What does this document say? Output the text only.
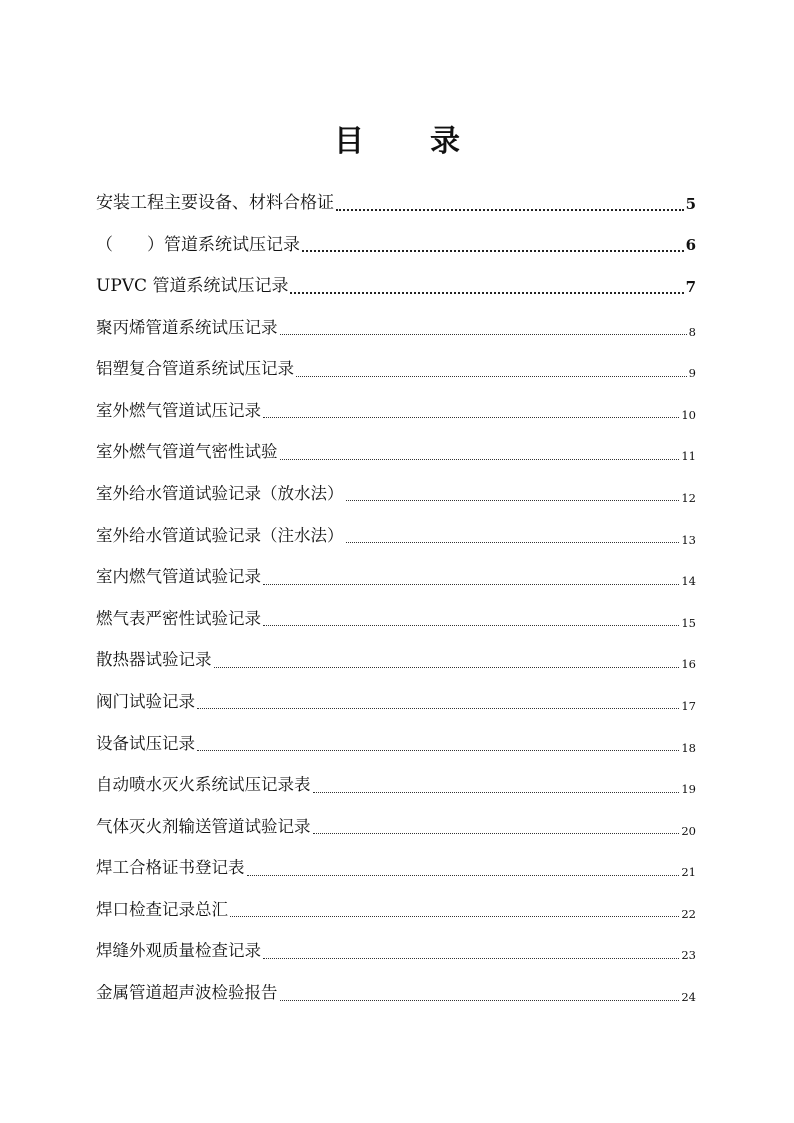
目 录
安装工程主要设备、材料合格证	5
（　　）管道系统试压记录	6
UPVC 管道系统试压记录	7
聚丙烯管道系统试压记录	8
铝塑复合管道系统试压记录	9
室外燃气管道试压记录	10
室外燃气管道气密性试验	11
室外给水管道试验记录（放水法）	12
室外给水管道试验记录（注水法）	13
室内燃气管道试验记录	14
燃气表严密性试验记录	15
散热器试验记录	16
阀门试验记录	17
设备试压记录	18
自动喷水灭火系统试压记录表	19
气体灭火剂输送管道试验记录	20
焊工合格证书登记表	21
焊口检查记录总汇	22
焊缝外观质量检查记录	23
金属管道超声波检验报告	24
